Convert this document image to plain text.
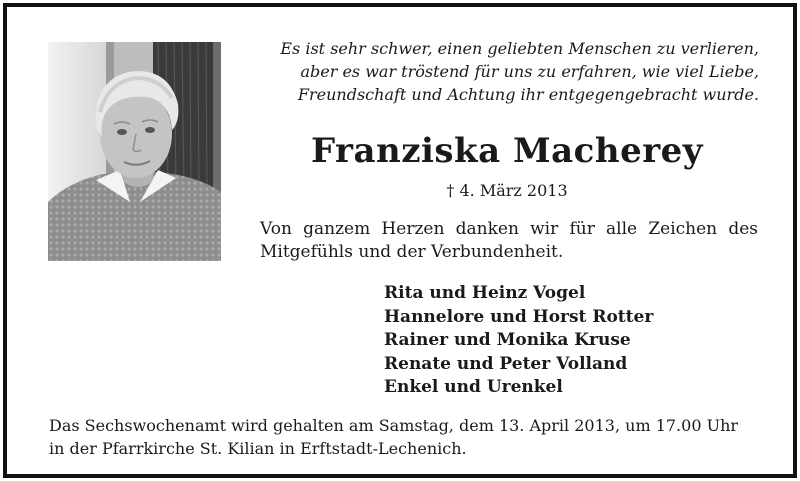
Es ist sehr schwer, einen geliebten Menschen zu verlieren,
aber es war tröstend für uns zu erfahren, wie viel Liebe,
Freundschaft und Achtung ihr entgegengebracht wurde.

Franziska Macherey

† 4. März 2013

Von ganzem Herzen danken wir für alle Zeichen des
Mitgefühls und der Verbundenheit.

Rita und Heinz Vogel
Hannelore und Horst Rotter
Rainer und Monika Kruse
Renate und Peter Volland
Enkel und Urenkel

Das Sechswochenamt wird gehalten am Samstag, dem 13. April 2013, um 17.00 Uhr
in der Pfarrkirche St. Kilian in Erftstadt-Lechenich.
